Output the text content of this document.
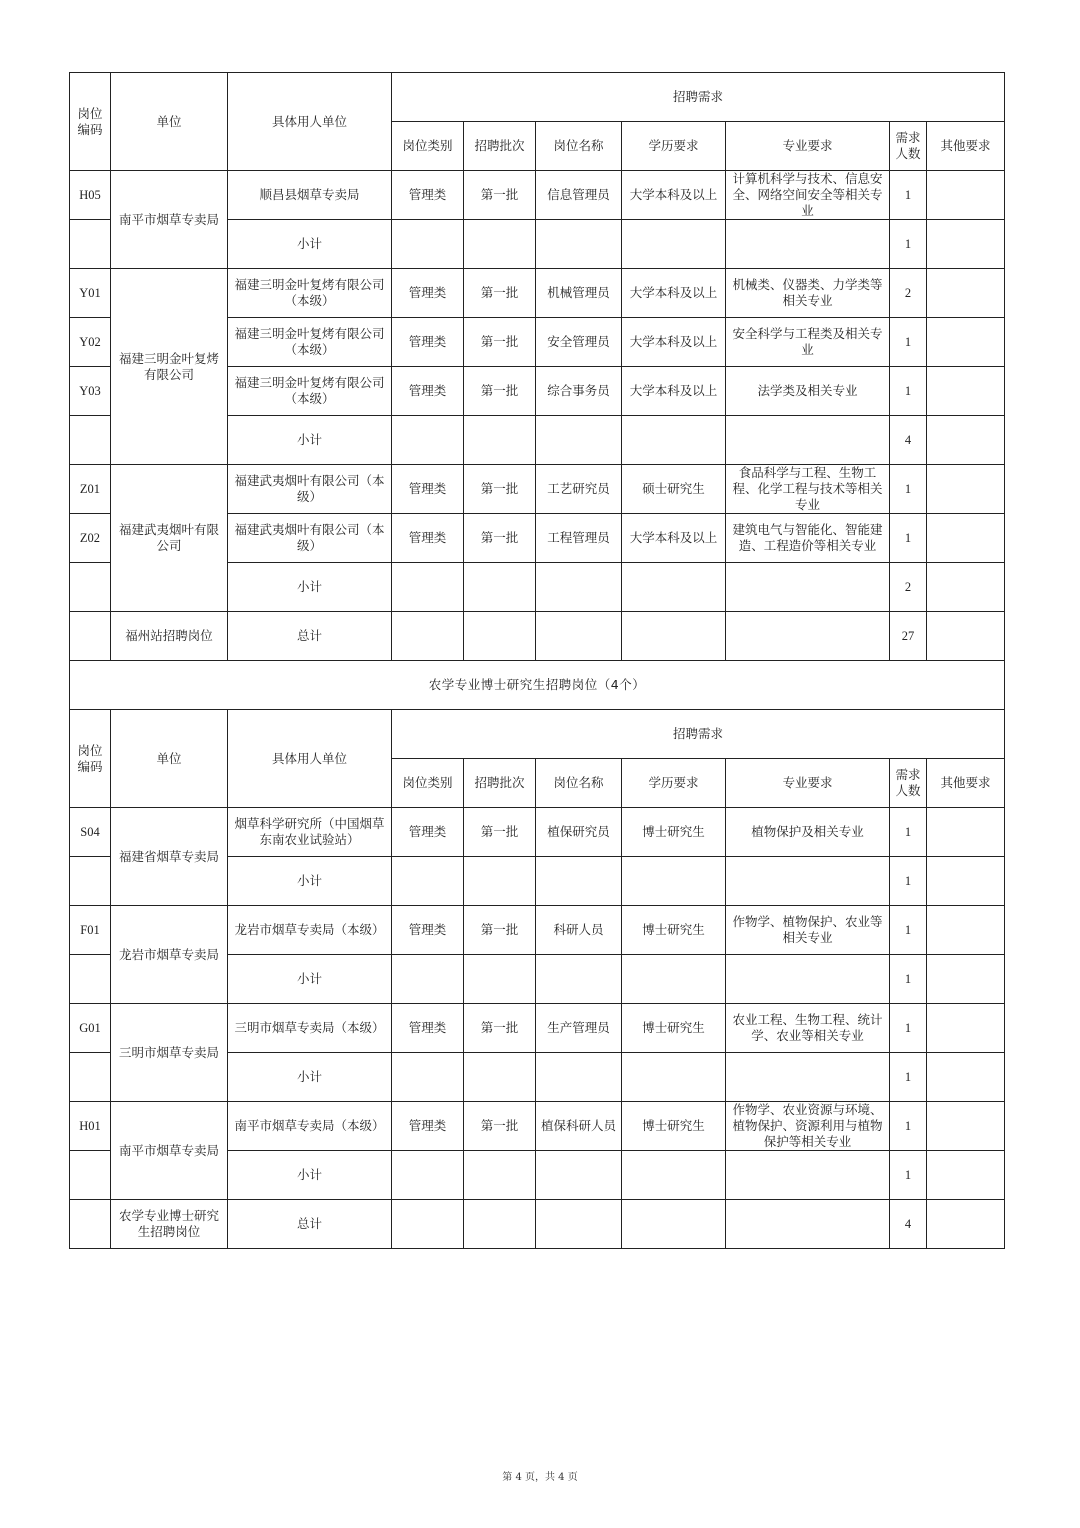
岗位编码	单位	具体用人单位	招聘需求						
			岗位类别	招聘批次	岗位名称	学历要求	专业要求	需求人数	其他要求
H05	南平市烟草专卖局	顺昌县烟草专卖局	管理类	第一批	信息管理员	大学本科及以上	计算机科学与技术、信息安全、网络空间安全等相关专业	1	
		小计						1	
Y01	福建三明金叶复烤有限公司	福建三明金叶复烤有限公司（本级）	管理类	第一批	机械管理员	大学本科及以上	机械类、仪器类、力学类等相关专业	2	
Y02		福建三明金叶复烤有限公司（本级）	管理类	第一批	安全管理员	大学本科及以上	安全科学与工程类及相关专业	1	
Y03		福建三明金叶复烤有限公司（本级）	管理类	第一批	综合事务员	大学本科及以上	法学类及相关专业	1	
		小计						4	
Z01	福建武夷烟叶有限公司	福建武夷烟叶有限公司（本级）	管理类	第一批	工艺研究员	硕士研究生	食品科学与工程、生物工程、化学工程与技术等相关专业	1	
Z02		福建武夷烟叶有限公司（本级）	管理类	第一批	工程管理员	大学本科及以上	建筑电气与智能化、智能建造、工程造价等相关专业	1	
		小计						2	
	福州站招聘岗位	总计						27	
农学专业博士研究生招聘岗位（4个）									
岗位编码	单位	具体用人单位	招聘需求						
			岗位类别	招聘批次	岗位名称	学历要求	专业要求	需求人数	其他要求
S04	福建省烟草专卖局	烟草科学研究所（中国烟草东南农业试验站）	管理类	第一批	植保研究员	博士研究生	植物保护及相关专业	1	
		小计						1	
F01	龙岩市烟草专卖局	龙岩市烟草专卖局（本级）	管理类	第一批	科研人员	博士研究生	作物学、植物保护、农业等相关专业	1	
		小计						1	
G01	三明市烟草专卖局	三明市烟草专卖局（本级）	管理类	第一批	生产管理员	博士研究生	农业工程、生物工程、统计学、农业等相关专业	1	
		小计						1	
H01	南平市烟草专卖局	南平市烟草专卖局（本级）	管理类	第一批	植保科研人员	博士研究生	作物学、农业资源与环境、植物保护、资源利用与植物保护等相关专业	1	
		小计						1	
	农学专业博士研究生招聘岗位	总计						4	
第 4 页，共 4 页
